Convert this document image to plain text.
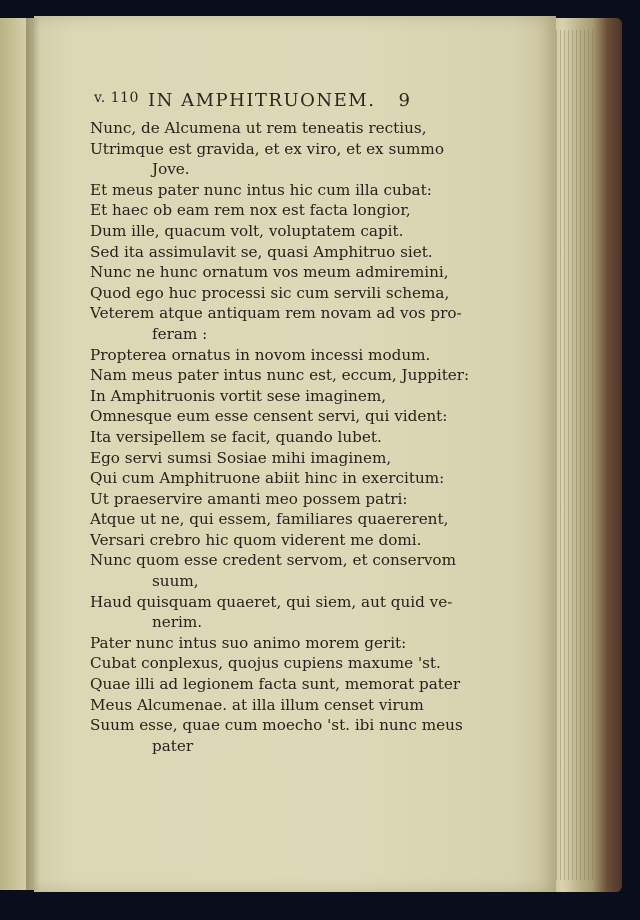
v. 110 IN AMPHITRUONEM. 9
Nunc, de Alcumena ut rem teneatis rectius,
Utrimque est gravida, et ex viro, et ex summo
Jove.
Et meus pater nunc intus hic cum illa cubat:
Et haec ob eam rem nox est facta longior,
Dum ille, quacum volt, voluptatem capit.
Sed ita assimulavit se, quasi Amphitruo siet.
Nunc ne hunc ornatum vos meum admiremini,
Quod ego huc processi sic cum servili schema,
Veterem atque antiquam rem novam ad vos pro-
feram :
Propterea ornatus in novom incessi modum.
Nam meus pater intus nunc est, eccum, Juppiter:
In Amphitruonis vortit sese imaginem,
Omnesque eum esse censent servi, qui vident:
Ita versipellem se facit, quando lubet.
Ego servi sumsi Sosiae mihi imaginem,
Qui cum Amphitruone abiit hinc in exercitum:
Ut praeservire amanti meo possem patri:
Atque ut ne, qui essem, familiares quaererent,
Versari crebro hic quom viderent me domi.
Nunc quom esse credent servom, et conservom
suum,
Haud quisquam quaeret, qui siem, aut quid ve-
nerim.
Pater nunc intus suo animo morem gerit:
Cubat conplexus, quojus cupiens maxume 'st.
Quae illi ad legionem facta sunt, memorat pater
Meus Alcumenae. at illa illum censet virum
Suum esse, quae cum moecho 'st. ibi nunc meus
pater
